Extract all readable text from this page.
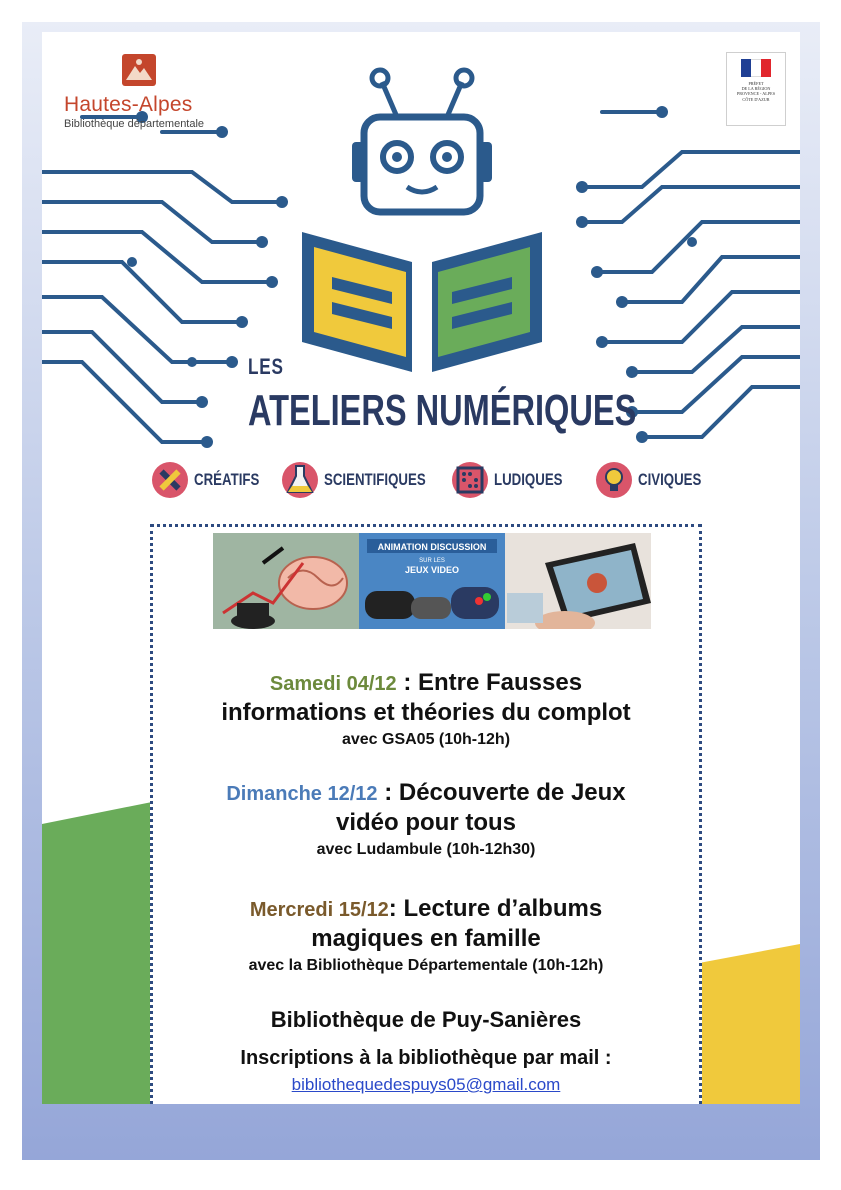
Hautes-Alpes
Bibliothèque départementale
PRÉFET
DE LA RÉGION
PROVENCE - ALPES
CÔTE D'AZUR
LES
ATELIERS NUMÉRIQUES
CRÉATIFS	SCIENTIFIQUES	LUDIQUES	CIVIQUES
ANIMATION DISCUSSION
SUR LES
JEUX VIDEO
Samedi 04/12 : Entre Fausses
informations et théories du complot
avec GSA05 (10h-12h)
Dimanche 12/12 : Découverte de Jeux
vidéo pour tous
avec Ludambule (10h-12h30)
Mercredi 15/12: Lecture d’albums
magiques en famille
avec la Bibliothèque Départementale (10h-12h)
Bibliothèque de Puy-Sanières
Inscriptions à la bibliothèque par mail :
bibliothequedespuys05@gmail.com
